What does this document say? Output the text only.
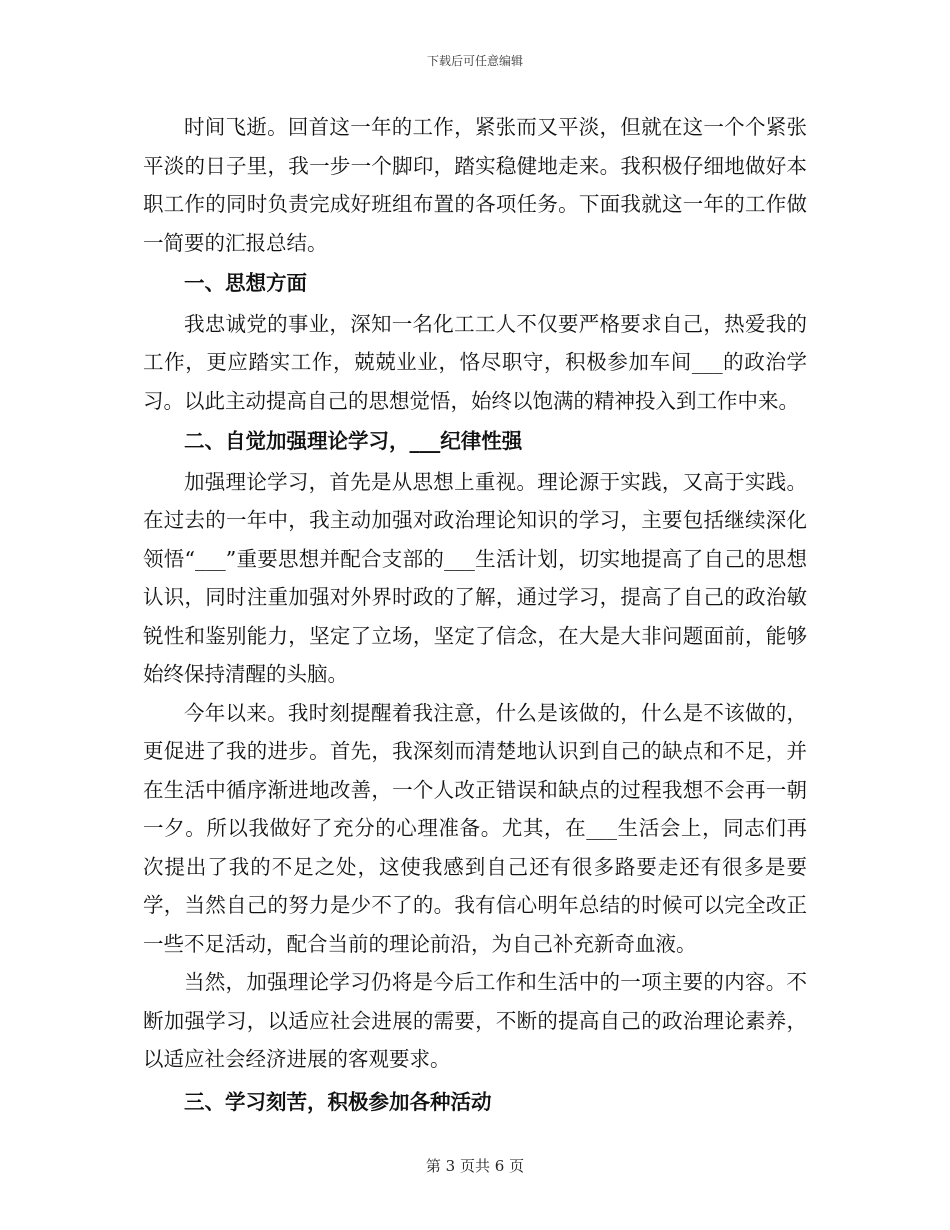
下载后可任意编辑

时间飞逝。回首这一年的工作，紧张而又平淡，但就在这一个个紧张平淡的日子里，我一步一个脚印，踏实稳健地走来。我积极仔细地做好本职工作的同时负责完成好班组布置的各项任务。下面我就这一年的工作做一简要的汇报总结。

一、思想方面

我忠诚党的事业，深知一名化工工人不仅要严格要求自己，热爱我的工作，更应踏实工作，兢兢业业，恪尽职守，积极参加车间___的政治学习。以此主动提高自己的思想觉悟，始终以饱满的精神投入到工作中来。

二、自觉加强理论学习，___纪律性强

加强理论学习，首先是从思想上重视。理论源于实践，又高于实践。在过去的一年中，我主动加强对政治理论知识的学习，主要包括继续深化领悟“___”重要思想并配合支部的___生活计划，切实地提高了自己的思想认识，同时注重加强对外界时政的了解，通过学习，提高了自己的政治敏锐性和鉴别能力，坚定了立场，坚定了信念，在大是大非问题面前，能够始终保持清醒的头脑。

今年以来。我时刻提醒着我注意，什么是该做的，什么是不该做的，更促进了我的进步。首先，我深刻而清楚地认识到自己的缺点和不足，并在生活中循序渐进地改善，一个人改正错误和缺点的过程我想不会再一朝一夕。所以我做好了充分的心理准备。尤其，在___生活会上，同志们再次提出了我的不足之处，这使我感到自己还有很多路要走还有很多是要学，当然自己的努力是少不了的。我有信心明年总结的时候可以完全改正一些不足活动，配合当前的理论前沿，为自己补充新奇血液。

当然，加强理论学习仍将是今后工作和生活中的一项主要的内容。不断加强学习，以适应社会进展的需要，不断的提高自己的政治理论素养，以适应社会经济进展的客观要求。

三、学习刻苦，积极参加各种活动

第 3 页共 6 页
